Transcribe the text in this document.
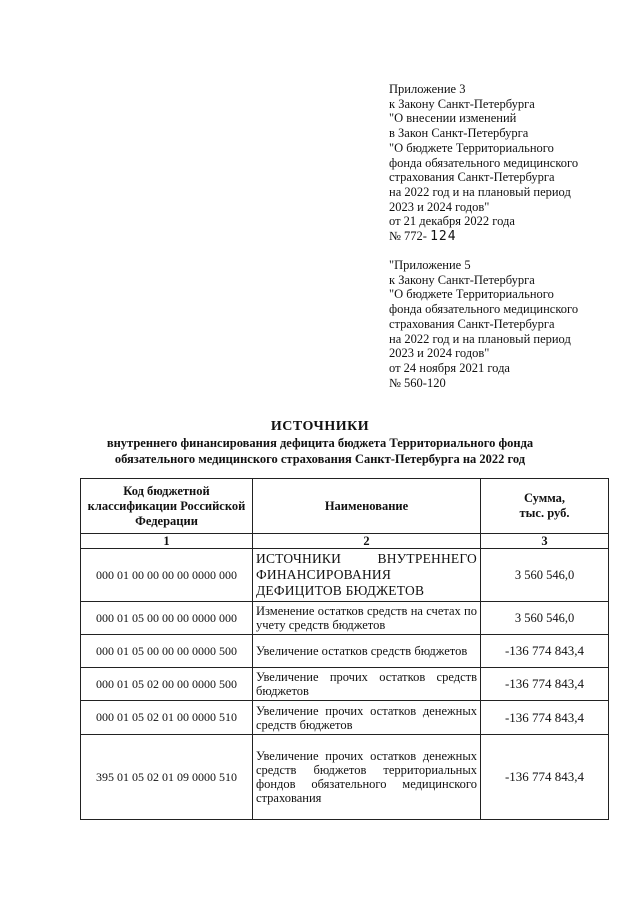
Приложение 3
к Закону Санкт-Петербурга
"О внесении изменений
в Закон Санкт-Петербурга
"О бюджете Территориального
фонда обязательного медицинского
страхования Санкт-Петербурга
на 2022 год и на плановый период
2023 и 2024 годов"
от 21 декабря 2022 года
№ 772- 124
"Приложение 5
к Закону Санкт-Петербурга
"О бюджете Территориального
фонда обязательного медицинского
страхования Санкт-Петербурга
на 2022 год и на плановый период
2023 и 2024 годов"
от 24 ноября 2021 года
№ 560-120
ИСТОЧНИКИ
внутреннего финансирования дефицита бюджета Территориального фонда
обязательного медицинского страхования Санкт-Петербурга на 2022 год
Код бюджетной классификации Российской Федерации	Наименование	Сумма,
тыс. руб.

1	2	3
000 01 00 00 00 00 0000 000	ИСТОЧНИКИ ВНУТРЕННЕГО ФИНАНСИРОВАНИЯ ДЕФИЦИТОВ БЮДЖЕТОВ	3 560 546,0
000 01 05 00 00 00 0000 000	Изменение остатков средств на счетах по учету средств бюджетов	3 560 546,0
000 01 05 00 00 00 0000 500	Увеличение остатков средств бюджетов	-136 774 843,4
000 01 05 02 00 00 0000 500	Увеличение прочих остатков средств бюджетов	-136 774 843,4
000 01 05 02 01 00 0000 510	Увеличение прочих остатков денежных средств бюджетов	-136 774 843,4
395 01 05 02 01 09 0000 510	Увеличение прочих остатков денежных средств бюджетов территориальных фондов обязательного медицинского страхования	-136 774 843,4
